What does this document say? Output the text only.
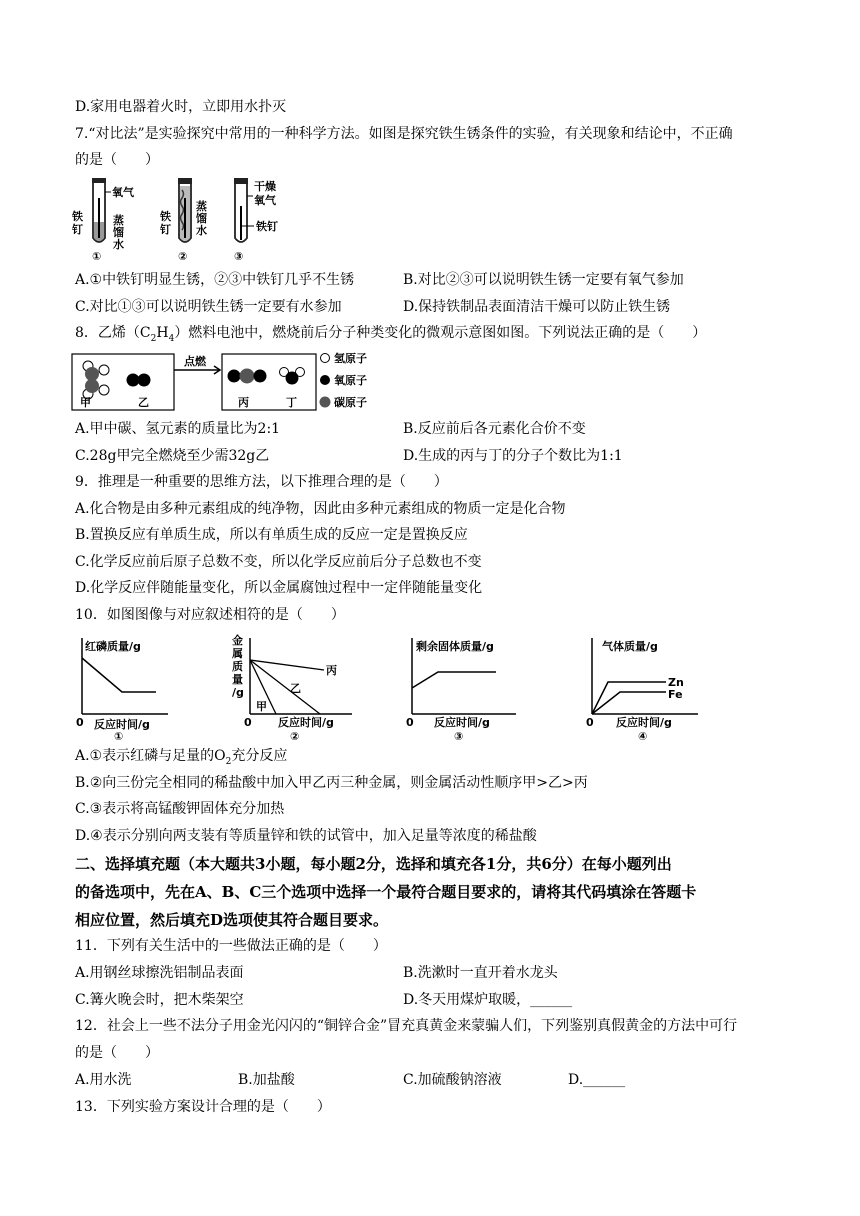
D.家用电器着火时，立即用水扑灭
7.“对比法”是实验探究中常用的一种科学方法。如图是探究铁生锈条件的实验，有关现象和结论中，不正确
的是（　　）
氧气
蒸
馏
水
铁
钉
①
铁
钉
蒸
馏
水
②
干燥
氧气
铁钉
③
A.①中铁钉明显生锈，②③中铁钉几乎不生锈	B.对比②③可以说明铁生锈一定要有氧气参加
C.对比①③可以说明铁生锈一定要有水参加	D.保持铁制品表面清洁干燥可以防止铁生锈
8．乙烯$(C_2H_4)$燃料电池中，燃烧前后分子种类变化的微观示意图如图。下列说法正确的是（　　）
甲	乙
点燃
丙	丁
氢原子
氧原子
碳原子
A.甲中碳、氢元素的质量比为2:1	B.反应前后各元素化合价不变
C.28g甲完全燃烧至少需32g乙	D.生成的丙与丁的分子个数比为1:1
9．推理是一种重要的思维方法，以下推理合理的是（　　）
A.化合物是由多种元素组成的纯净物，因此由多种元素组成的物质一定是化合物
B.置换反应有单质生成，所以有单质生成的反应一定是置换反应
C.化学反应前后原子总数不变，所以化学反应前后分子总数也不变
D.化学反应伴随能量变化，所以金属腐蚀过程中一定伴随能量变化
10．如图图像与对应叙述相符的是（　　）
红磷质量/g
0 反应时间/g
①
金
属
质
量
/g
丙
乙
甲
0 反应时间/g
②
剩余固体质量/g
0 反应时间/g
③
气体质量/g
Zn
Fe
0 反应时间/g
④
A.①表示红磷与足量的$O_2$充分反应
B.②向三份完全相同的稀盐酸中加入甲乙丙三种金属，则金属活动性顺序甲>乙>丙
C.③表示将高锰酸钾固体充分加热
D.④表示分别向两支装有等质量锌和铁的试管中，加入足量等浓度的稀盐酸
二、选择填充题（本大题共3小题，每小题2分，选择和填充各1分，共6分）在每小题列出
的备选项中，先在A、B、C三个选项中选择一个最符合题目要求的，请将其代码填涂在答题卡
相应位置，然后填充D选项使其符合题目要求。
11．下列有关生活中的一些做法正确的是（　　）
A.用钢丝球擦洗铝制品表面	B.洗漱时一直开着水龙头
C.篝火晚会时，把木柴架空	D.冬天用煤炉取暖，______
12．社会上一些不法分子用金光闪闪的“铜锌合金”冒充真黄金来蒙骗人们，下列鉴别真假黄金的方法中可行
的是（　　）
A.用水洗	B.加盐酸	C.加硫酸钠溶液	D.______
13．下列实验方案设计合理的是（　　）
